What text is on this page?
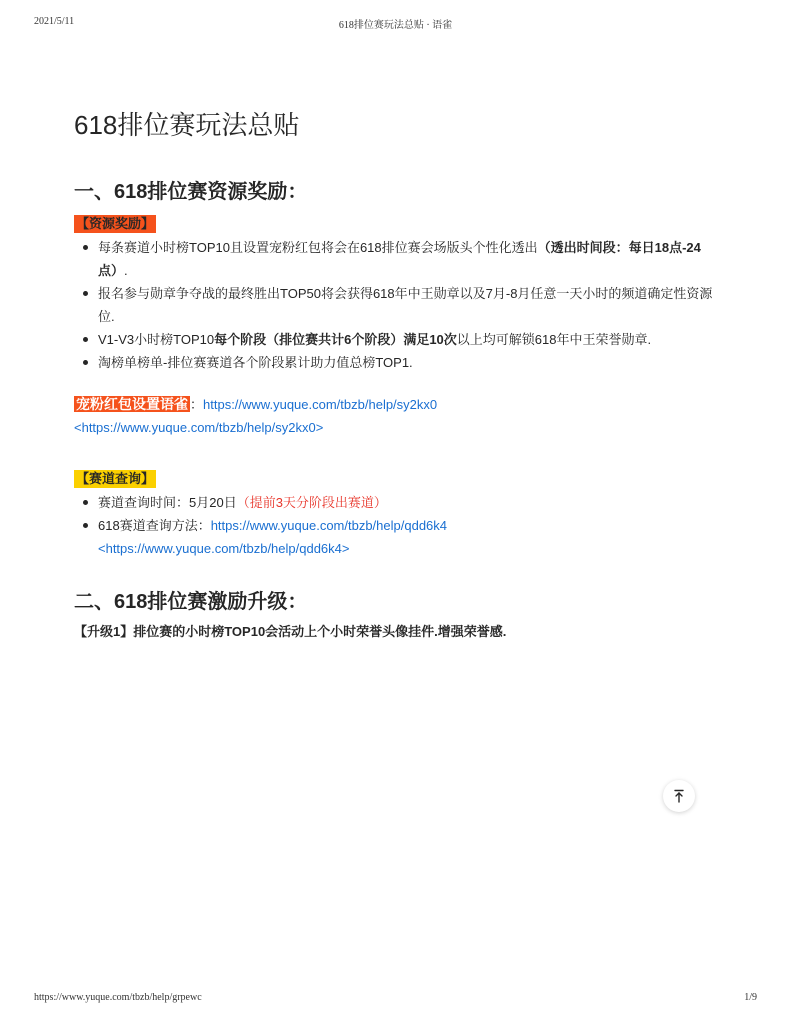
2021/5/11	618排位赛玩法总贴 · 语雀
618排位赛玩法总贴
一、618排位赛资源奖励：
【资源奖励】
每条赛道小时榜TOP10且设置宠粉红包将会在618排位赛会场版头个性化透出（透出时间段：每日18点-24点）.
报名参与勋章争夺战的最终胜出TOP50将会获得618年中王勋章以及7月-8月任意一天小时的频道确定性资源位.
V1-V3小时榜TOP10每个阶段（排位赛共计6个阶段）满足10次以上均可解锁618年中王荣誉勋章.
淘榜单榜单-排位赛赛道各个阶段累计助力值总榜TOP1.
宠粉红包设置语雀 ：https://www.yuque.com/tbzb/help/sy2kx0
<https://www.yuque.com/tbzb/help/sy2kx0>
【赛道查询】
赛道查询时间：5月20日（提前3天分阶段出赛道）
618赛道查询方法：https://www.yuque.com/tbzb/help/qdd6k4
<https://www.yuque.com/tbzb/help/qdd6k4>
二、618排位赛激励升级：
【升级1】排位赛的小时榜TOP10会活动上个小时荣誉头像挂件.增强荣誉感.
https://www.yuque.com/tbzb/help/grpewc	1/9
